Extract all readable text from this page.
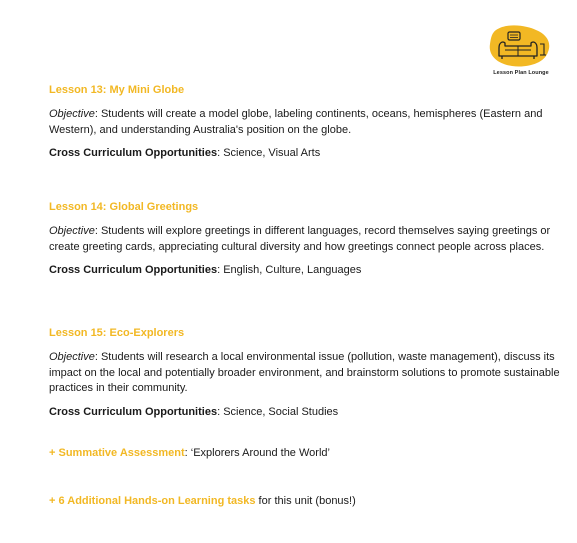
Lesson Plan Lounge

Lesson 13: My Mini Globe

Objective: Students will create a model globe, labeling continents, oceans, hemispheres (Eastern and Western), and understanding Australia's position on the globe.

Cross Curriculum Opportunities: Science, Visual Arts

Lesson 14: Global Greetings

Objective: Students will explore greetings in different languages, record themselves saying greetings or create greeting cards, appreciating cultural diversity and how greetings connect people across places.

Cross Curriculum Opportunities: English, Culture, Languages

Lesson 15: Eco-Explorers

Objective: Students will research a local environmental issue (pollution, waste management), discuss its impact on the local and potentially broader environment, and brainstorm solutions to promote sustainable practices in their community.

Cross Curriculum Opportunities: Science, Social Studies

+ Summative Assessment: ‘Explorers Around the World’

+ 6 Additional Hands-on Learning tasks for this unit (bonus!)
